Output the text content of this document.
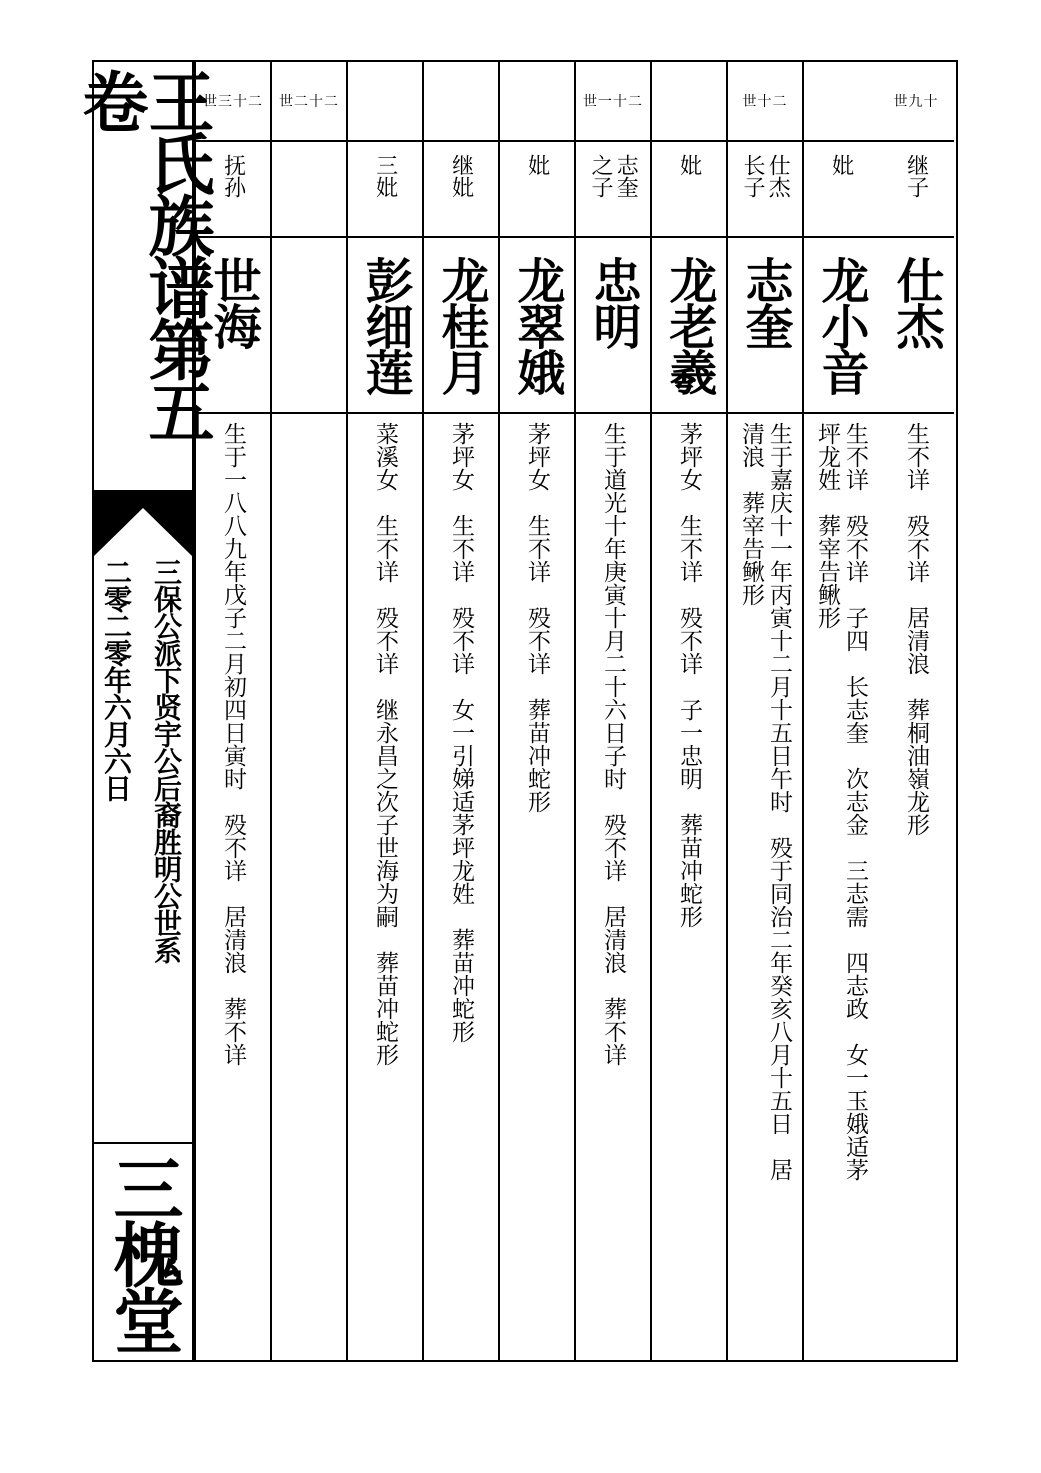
王氏族谱第五卷
三保公派下贤宇公后裔胜明公世系
二零二零年六月六日
三槐堂
世九十
继子
仕杰
生不详　殁不详　居清浪　葬桐油嶺龙形
妣
龙小音
生不详　殁不详　子四　长志奎　次志金　三志需　四志政　女一玉娥适茅
坪龙姓　葬宰告鳅形
世十二
仕杰 长子
志奎
生于嘉庆十一年丙寅十二月十五日午时　殁于同治二年癸亥八月十五日　居
清浪　葬宰告鳅形
妣
龙老羲
茅坪女　生不详　殁不详　子一忠明　葬苗冲蛇形
世一十二
志奎 之子
忠明
生于道光十年庚寅十月二十六日子时　殁不详　居清浪　葬不详
妣
龙翠娥
茅坪女　生不详　殁不详　葬苗冲蛇形
继妣
龙桂月
茅坪女　生不详　殁不详　女一引娣适茅坪龙姓　葬苗冲蛇形
三妣
彭细莲
菜溪女　生不详　殁不详　继永昌之次子世海为嗣　葬苗冲蛇形
世二十二
世三十二
抚孙
世海
生于一八八九年戊子二月初四日寅时　殁不详　居清浪　葬不详
